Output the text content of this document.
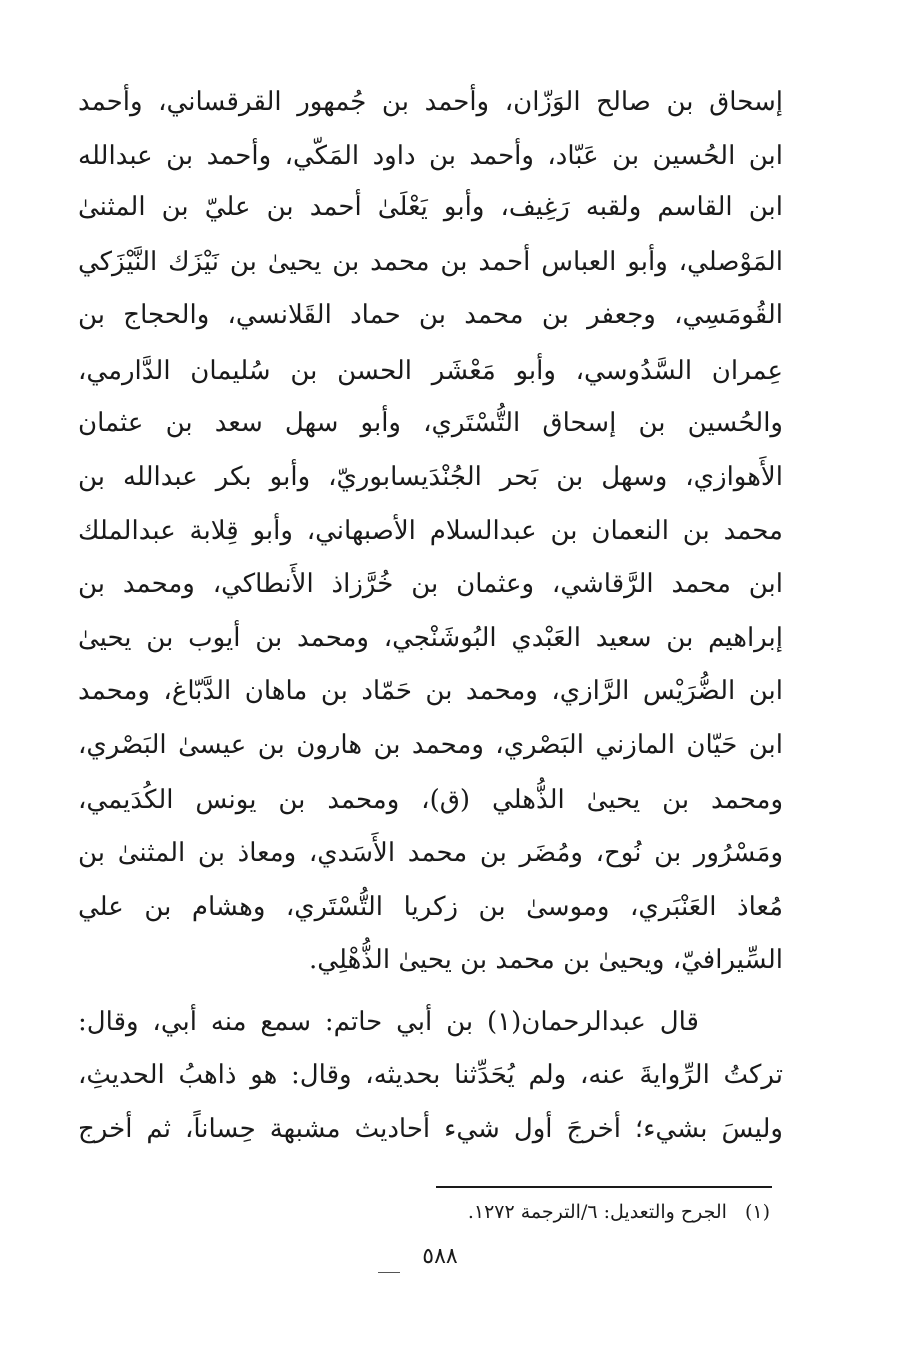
إسحاق بن صالح الوَزّان، وأحمد بن جُمهور القرقساني، وأحمد
ابن الحُسين بن عَبّاد، وأحمد بن داود المَكّي، وأحمد بن عبدالله
ابن القاسم ولقبه رَغِيف، وأبو يَعْلَىٰ أحمد بن عليّ بن المثنىٰ
المَوْصلي، وأبو العباس أحمد بن محمد بن يحيىٰ بن نَيْزَك النَّيْزَكي
القُومَسِي، وجعفر بن محمد بن حماد القَلانسي، والحجاج بن
عِمران السَّدُوسي، وأبو مَعْشَر الحسن بن سُليمان الدَّارمي،
والحُسين بن إسحاق التُّسْتَري، وأبو سهل سعد بن عثمان
الأَهوازي، وسهل بن بَحر الجُنْدَيسابوريّ، وأبو بكر عبدالله بن
محمد بن النعمان بن عبدالسلام الأصبهاني، وأبو قِلابة عبدالملك
ابن محمد الرَّقاشي، وعثمان بن خُرَّزاذ الأَنطاكي، ومحمد بن
إبراهيم بن سعيد العَبْدي البُوشَنْجي، ومحمد بن أيوب بن يحيىٰ
ابن الضُّرَيْس الرَّازي، ومحمد بن حَمّاد بن ماهان الدَّبّاغ، ومحمد
ابن حَيّان المازني البَصْري، ومحمد بن هارون بن عيسىٰ البَصْري،
ومحمد بن يحيىٰ الذُّهلي (ق)، ومحمد بن يونس الكُدَيمي،
ومَسْرُور بن نُوح، ومُضَر بن محمد الأَسَدي، ومعاذ بن المثنىٰ بن
مُعاذ العَنْبَري، وموسىٰ بن زكريا التُّسْتَري، وهشام بن علي
السِّيرافيّ، ويحيىٰ بن محمد بن يحيىٰ الذُّهْلِي.
قال عبدالرحمان(١) بن أبي حاتم: سمع منه أبي، وقال:
تركتُ الرِّوايةَ عنه، ولم يُحَدِّثنا بحديثه، وقال: هو ذاهبُ الحديثِ،
وليسَ بشيء؛ أخرجَ أول شيء أحاديث مشبهة حِساناً، ثم أخرج
(١)الجرح والتعديل: ٦/الترجمة ١٢٧٢.
٥٨٨
